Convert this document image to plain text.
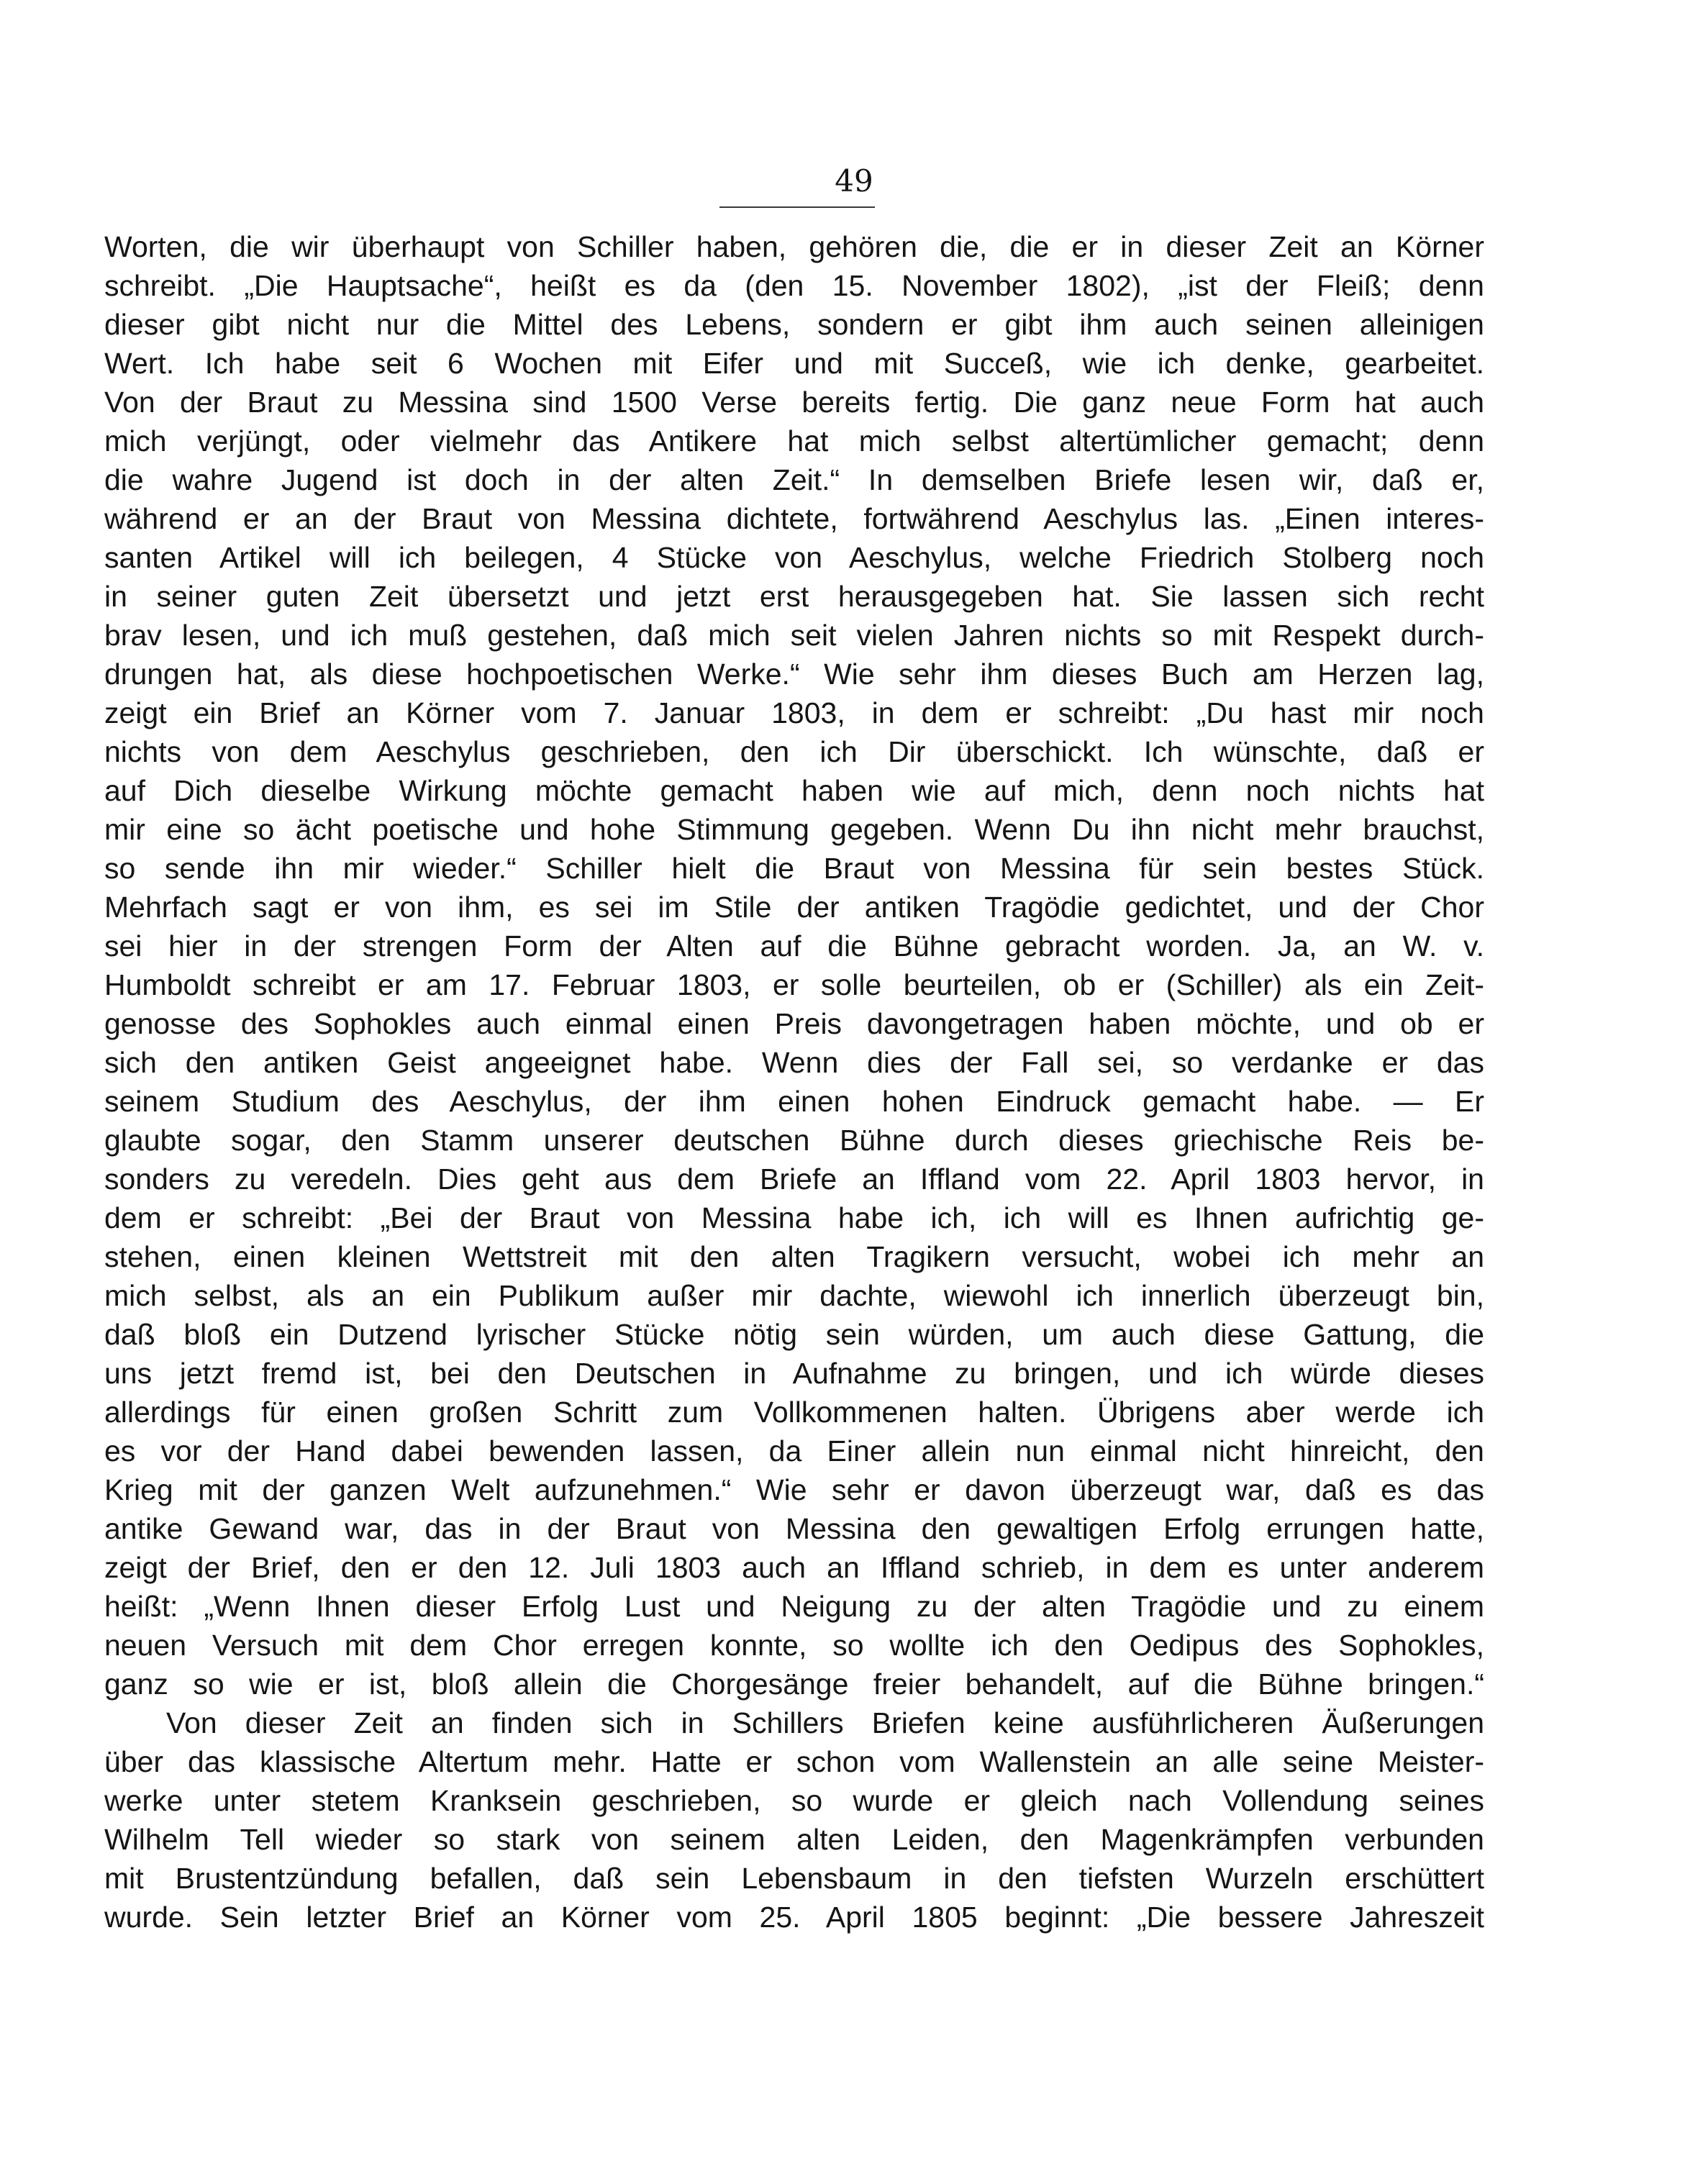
49
Worten, die wir überhaupt von Schiller haben, gehören die, die er in dieser Zeit an Körner
schreibt. „Die Hauptsache“, heißt es da (den 15. November 1802), „ist der Fleiß; denn
dieser gibt nicht nur die Mittel des Lebens, sondern er gibt ihm auch seinen alleinigen
Wert. Ich habe seit 6 Wochen mit Eifer und mit Succeß, wie ich denke, gearbeitet.
Von der Braut zu Messina sind 1500 Verse bereits fertig. Die ganz neue Form hat auch
mich verjüngt, oder vielmehr das Antikere hat mich selbst altertümlicher gemacht; denn
die wahre Jugend ist doch in der alten Zeit.“ In demselben Briefe lesen wir, daß er,
während er an der Braut von Messina dichtete, fortwährend Aeschylus las. „Einen interes-
santen Artikel will ich beilegen, 4 Stücke von Aeschylus, welche Friedrich Stolberg noch
in seiner guten Zeit übersetzt und jetzt erst herausgegeben hat. Sie lassen sich recht
brav lesen, und ich muß gestehen, daß mich seit vielen Jahren nichts so mit Respekt durch-
drungen hat, als diese hochpoetischen Werke.“ Wie sehr ihm dieses Buch am Herzen lag,
zeigt ein Brief an Körner vom 7. Januar 1803, in dem er schreibt: „Du hast mir noch
nichts von dem Aeschylus geschrieben, den ich Dir überschickt. Ich wünschte, daß er
auf Dich dieselbe Wirkung möchte gemacht haben wie auf mich, denn noch nichts hat
mir eine so ächt poetische und hohe Stimmung gegeben. Wenn Du ihn nicht mehr brauchst,
so sende ihn mir wieder.“ Schiller hielt die Braut von Messina für sein bestes Stück.
Mehrfach sagt er von ihm, es sei im Stile der antiken Tragödie gedichtet, und der Chor
sei hier in der strengen Form der Alten auf die Bühne gebracht worden. Ja, an W. v.
Humboldt schreibt er am 17. Februar 1803, er solle beurteilen, ob er (Schiller) als ein Zeit-
genosse des Sophokles auch einmal einen Preis davongetragen haben möchte, und ob er
sich den antiken Geist angeeignet habe. Wenn dies der Fall sei, so verdanke er das
seinem Studium des Aeschylus, der ihm einen hohen Eindruck gemacht habe. — Er
glaubte sogar, den Stamm unserer deutschen Bühne durch dieses griechische Reis be-
sonders zu veredeln. Dies geht aus dem Briefe an Iffland vom 22. April 1803 hervor, in
dem er schreibt: „Bei der Braut von Messina habe ich, ich will es Ihnen aufrichtig ge-
stehen, einen kleinen Wettstreit mit den alten Tragikern versucht, wobei ich mehr an
mich selbst, als an ein Publikum außer mir dachte, wiewohl ich innerlich überzeugt bin,
daß bloß ein Dutzend lyrischer Stücke nötig sein würden, um auch diese Gattung, die
uns jetzt fremd ist, bei den Deutschen in Aufnahme zu bringen, und ich würde dieses
allerdings für einen großen Schritt zum Vollkommenen halten. Übrigens aber werde ich
es vor der Hand dabei bewenden lassen, da Einer allein nun einmal nicht hinreicht, den
Krieg mit der ganzen Welt aufzunehmen.“ Wie sehr er davon überzeugt war, daß es das
antike Gewand war, das in der Braut von Messina den gewaltigen Erfolg errungen hatte,
zeigt der Brief, den er den 12. Juli 1803 auch an Iffland schrieb, in dem es unter anderem
heißt: „Wenn Ihnen dieser Erfolg Lust und Neigung zu der alten Tragödie und zu einem
neuen Versuch mit dem Chor erregen konnte, so wollte ich den Oedipus des Sophokles,
ganz so wie er ist, bloß allein die Chorgesänge freier behandelt, auf die Bühne bringen.“
Von dieser Zeit an finden sich in Schillers Briefen keine ausführlicheren Äußerungen
über das klassische Altertum mehr. Hatte er schon vom Wallenstein an alle seine Meister-
werke unter stetem Kranksein geschrieben, so wurde er gleich nach Vollendung seines
Wilhelm Tell wieder so stark von seinem alten Leiden, den Magenkrämpfen verbunden
mit Brustentzündung befallen, daß sein Lebensbaum in den tiefsten Wurzeln erschüttert
wurde. Sein letzter Brief an Körner vom 25. April 1805 beginnt: „Die bessere Jahreszeit
